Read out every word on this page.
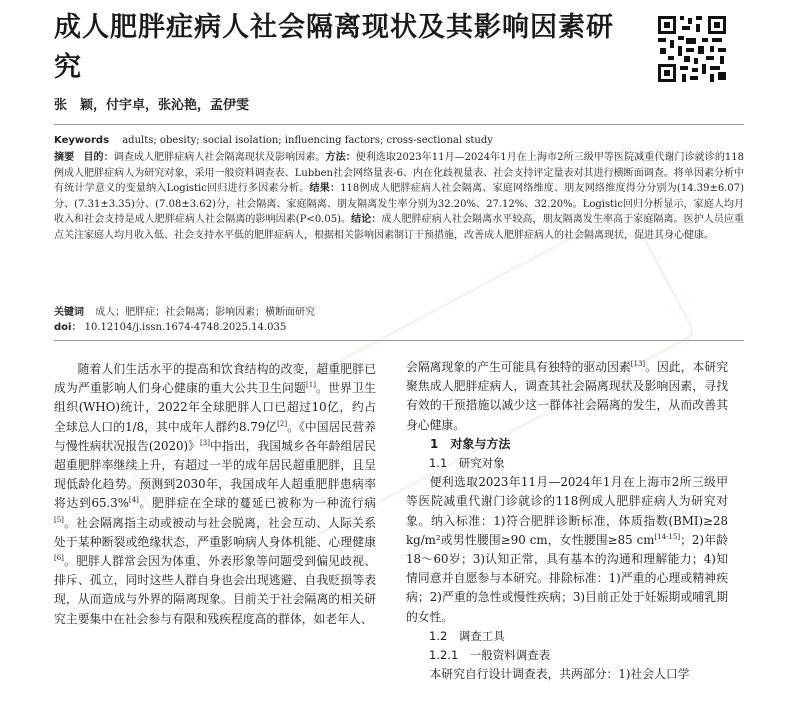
成人肥胖症病人社会隔离现状及其影响因素研究
张　颖，付宇卓，张沁艳，孟伊雯
Keywords adults; obesity; social isolation; influencing factors; cross-sectional study
摘要 目的：调查成人肥胖症病人社会隔离现状及影响因素。方法：便利选取2023年11月—2024年1月在上海市2所三级甲等医院减重代谢门诊就诊的118例成人肥胖症病人为研究对象，采用一般资料调查表、Lubben社会网络量表-6、内在化歧视量表、社会支持评定量表对其进行横断面调查。将单因素分析中有统计学意义的变量纳入Logistic回归进行多因素分析。结果：118例成人肥胖症病人社会隔离、家庭网络维度、朋友网络维度得分分别为(14.39±6.07)分、(7.31±3.35)分、(7.08±3.62)分，社会隔离、家庭隔离、朋友隔离发生率分别为32.20%、27.12%、32.20%。Logistic回归分析显示，家庭人均月收入和社会支持是成人肥胖症病人社会隔离的影响因素(P<0.05)。结论：成人肥胖症病人社会隔离水平较高，朋友隔离发生率高于家庭隔离。医护人员应重点关注家庭人均月收入低、社会支持水平低的肥胖症病人，根据相关影响因素制订干预措施，改善成人肥胖症病人的社会隔离现状，促进其身心健康。
关键词 成人；肥胖症；社会隔离；影响因素；横断面研究
doi： 10.12104/j.issn.1674-4748.2025.14.035

随着人们生活水平的提高和饮食结构的改变，超重肥胖已成为严重影响人们身心健康的重大公共卫生问题[1]。世界卫生组织(WHO)统计，2022年全球肥胖人口已超过10亿，约占全球总人口的1/8，其中成年人群约8.79亿[2]。《中国居民营养与慢性病状况报告(2020)》[3]中指出，我国城乡各年龄组居民超重肥胖率继续上升，有超过一半的成年居民超重肥胖，且呈现低龄化趋势。预测到2030年，我国成年人超重肥胖患病率将达到65.3%[4]。肥胖症在全球的蔓延已被称为一种流行病[5]。社会隔离指主动或被动与社会脱离，社会互动、人际关系处于某种断裂或绝缘状态，严重影响病人身体机能、心理健康[6]。肥胖人群常会因为体重、外表形象等问题受到偏见歧视、排斥、孤立，同时这些人群自身也会出现逃避、自我贬损等表现，从而造成与外界的隔离现象。目前关于社会隔离的相关研究主要集中在社会参与有限和残疾程度高的群体，如老年人、

会隔离现象的产生可能具有独特的驱动因素[13]。因此，本研究聚焦成人肥胖症病人，调查其社会隔离现状及影响因素，寻找有效的干预措施以减少这一群体社会隔离的发生，从而改善其身心健康。

1　对象与方法

1.1　研究对象

便利选取2023年11月—2024年1月在上海市2所三级甲等医院减重代谢门诊就诊的118例成人肥胖症病人为研究对象。纳入标准：1)符合肥胖诊断标准，体质指数(BMI)≥28 kg/m²或男性腰围≥90 cm，女性腰围≥85 cm[14-15]；2)年龄18～60岁；3)认知正常，具有基本的沟通和理解能力；4)知情同意并自愿参与本研究。排除标准：1)严重的心理或精神疾病；2)严重的急性或慢性疾病；3)目前正处于妊娠期或哺乳期的女性。

1.2　调查工具

1.2.1　一般资料调查表

本研究自行设计调查表，共两部分：1)社会人口学
